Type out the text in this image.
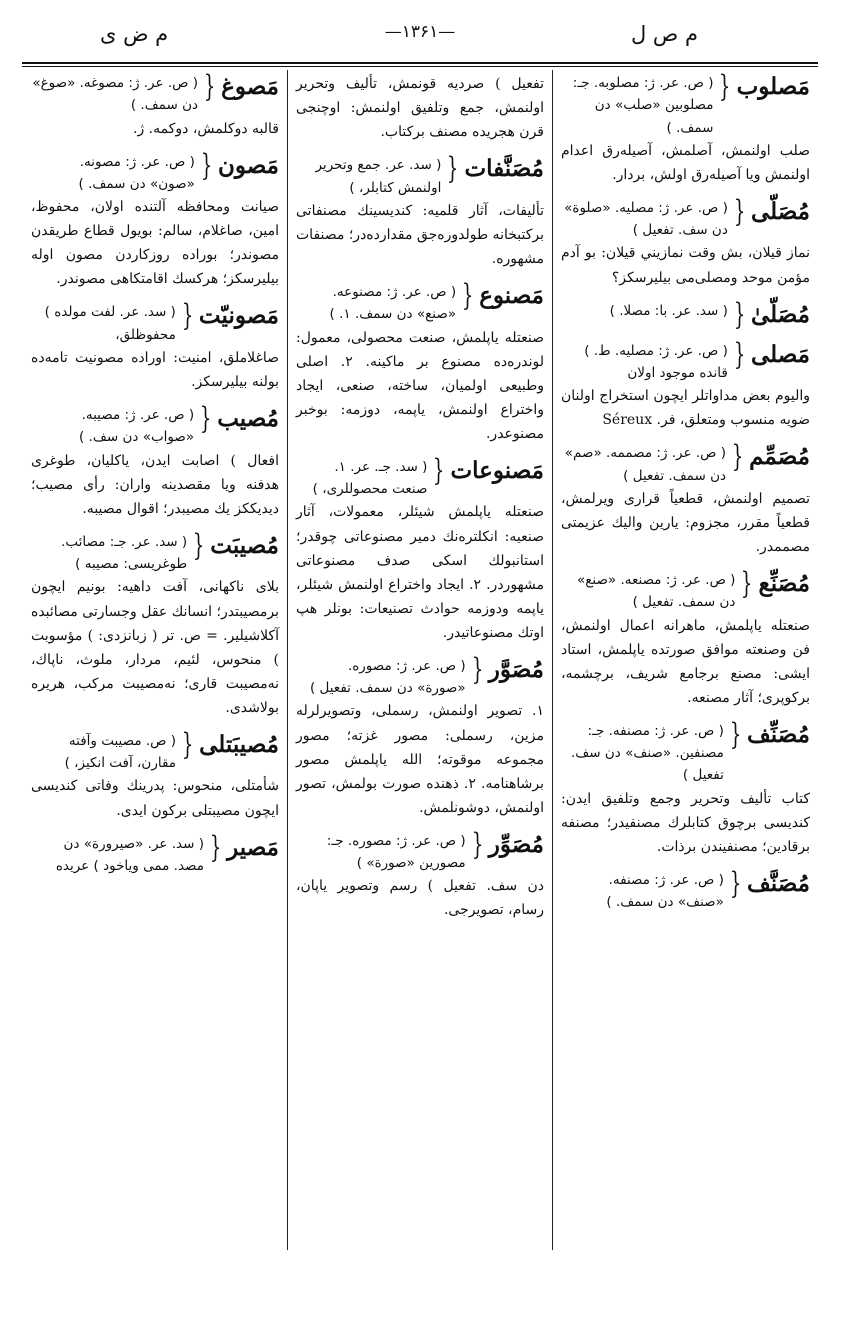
م ص ل
—۱۳۶۱—
م ض ی
مَصلوب
{
( ص. عر. ژ: مصلوبه. جـ: مصلوبين «صلب» دن سمف. )
صلب اولنمش، آصلمش، آصيله‌رق اعدام اولنمش ويا آصيله‌رق اولش، بردار.
مُصَلّى
{
( ص. عر. ژ: مصليه. «صلوة» دن سف. تفعيل )
نماز قيلان، بش وقت نمازيني قيلان: بو آدم مؤمن موحد ومصلى‌مى بيليرسكز؟
مُصَلّىٰ
{
( سد. عر. با: مصلا. )
مَصلى
{
( ص. عر. ژ: مصليه. ط. ) قانده موجود اولان
واليوم بعض مداواتلر ايچون استخراج اولنان ضويه منسوب ومتعلق، فر. Séreux
مُصَمِّم
{
( ص. عر. ژ: مصممه. «صم» دن سمف. تفعيل )
تصميم اولنمش، قطعياً قرارى ويرلمش، قطعياً مقرر، مجزوم: يارين واليك عزيمتى مصممدر.
مُصَنِّع
{
( ص. عر. ژ: مصنعه. «صنع» دن سمف. تفعيل )
صنعتله ياپلمش، ماهرانه اعمال اولنمش، فن وصنعته موافق صورتده ياپلمش، استاد ايشى: مصنع برجامع شريف، برچشمه، بركوپرى؛ آثار مصنعه.
مُصَنِّف
{
( ص. عر. ژ: مصنفه. جـ: مصنفين. «صنف» دن سف. تفعيل )
كتاب تأليف وتحرير وجمع وتلفيق ايدن: كنديسى برچوق كتابلرك مصنفيدر؛ مصنفه برقادين؛ مصنفيندن برذات.
مُصَنَّف
{
( ص. عر. ژ: مصنفه. «صنف» دن سمف. )
تفعيل ) صرديه قونمش، تأليف وتحرير اولنمش، جمع وتلفيق اولنمش: اوچنجى قرن هجريده مصنف بركتاب.
مُصَنَّفات
{
( سد. عر. جمع وتحرير اولنمش كتابلر، )
تأليفات، آثار قلميه: كنديسينك مصنفاتى بركتبخانه طولدوره‌جق مقداردەدر؛ مصنفات مشهوره.
مَصنوع
{
( ص. عر. ژ: مصنوعه. «صنع» دن سمف. ۱. )
صنعتله ياپلمش، صنعت محصولى، معمول: لوندره‌ده مصنوع بر ماكينه. ۲. اصلى وطبيعى اولميان، ساخته، صنعى، ايجاد واختراع اولنمش، ياپمه، دوزمه: بوخبر مصنوعدر.
مَصنوعات
{
( سد. جـ. عر. ۱. صنعت محصوللرى، )
صنعتله ياپلمش شيئلر، معمولات، آثار صنعيه: انكلتره‌نك دمير مصنوعاتى چوقدر؛ استانبولك اسكى صدف مصنوعاتى مشهوردر. ۲. ايجاد واختراع اولنمش شيئلر، ياپمه ودوزمه حوادث تصنيعات: بونلر هپ اوتك مصنوعاتيدر.
مُصَوَّر
{
( ص. عر. ژ: مصوره. «صورة» دن سمف. تفعيل )
۱. تصوير اولنمش، رسملى، وتصويرلرله مزين، رسملى: مصور غزته؛ مصور مجموعه موقوته؛ الله ياپلمش مصور برشاهنامه. ۲. ذهنده صورت بولمش، تصور اولنمش، دوشونلمش.
مُصَوِّر
{
( ص. عر. ژ: مصوره. جـ: مصورين «صورة» )
دن سف. تفعيل ) رسم وتصوير ياپان، رسام، تصويرجى.
مَصوغ
{
( ص. عر. ژ: مصوغه. «صوغ» دن سمف. )
قالبه دوكلمش، دوكمه. ژ.
مَصون
{
( ص. عر. ژ: مصونه. «صون» دن سمف. )
صيانت ومحافظه آلتنده اولان، محفوظ، امين، صاغلام، سالم: بويول قطاع طريقدن مصوندر؛ بوراده روزكاردن مصون اوله بيليرسكز؛ هركسك اقامتكاهى مصوندر.
مَصونيّت
{
( سد. عر. لفت مولده ) محفوظلق،
صاغلاملق، امنيت: اوراده مصونيت تامه‌ده بولنه بيليرسكز.
مُصيب
{
( ص. عر. ژ: مصيبه. «صواب» دن سف. )
افعال ) اصابت ايدن، ياكليان، طوغرى هدفنه ويا مقصدينه واران: رأى مصيب؛ ديديككز يك مصيبدر؛ اقوال مصيبه.
مُصيبَت
{
( سد. عر. جـ: مصائب. طوغريسى: مصيبه )
بلاى ناكهانى، آفت داهيه: بونيم ايچون برمصيبتدر؛ انسانك عقل وجسارتى مصائبده آكلاشيلير. = ص. تر ( زبانزدى: ) مؤسوبت ) منحوس، لئيم، مردار، ملوث، ناپاك، نه‌مصيبت قارى؛ نه‌مصيبت مركب، هريره بولاشدى.
مُصيبَتلى
{
( ص. مصيبت وآفته مقارن، آفت انكيز، )
شأمتلى، منحوس: پدرينك وفاتى كنديسى ايچون مصيبتلى بركون ايدى.
مَصير
{
( سد. عر. «صيرورة» دن مصد. ممى وياخود ) عريده
